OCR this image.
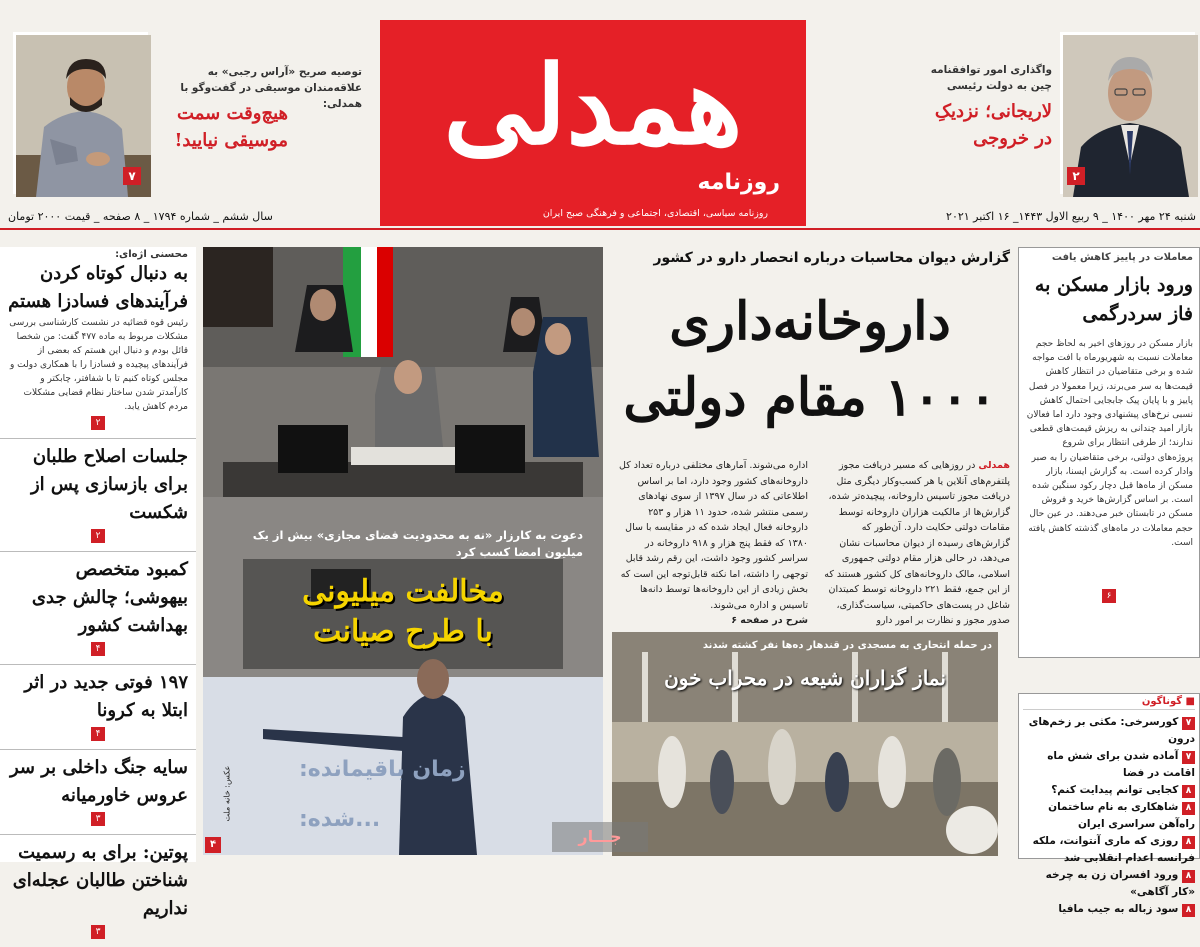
۲
واگذاری امور توافقنامه چین به دولت رئیسی
لاریجانی؛ نزدیکِ در خروجی
همدلی
روزنامه
روزنامه سیاسی، اقتصادی، اجتماعی و فرهنگی صبح ایران
۷
توصیه صریح «آراس رجبی» به علاقه‌مندان موسیقی در گفت‌وگو با همدلی:
هیچ‌وقت سمت موسیقی نیایید!
شنبه ۲۴ مهر ۱۴۰۰ _ ۹ ربیع الاول ۱۴۴۳_ ۱۶ اکتبر ۲۰۲۱
سال ششم _ شماره ۱۷۹۴ _ ۸ صفحه _ قیمت ۲۰۰۰ تومان
محسنی اژه‌ای:
به دنبال کوتاه کردن فرآیندهای فسادزا هستم
رئیس قوه قضائیه در نشست کارشناسی بررسی مشکلات مربوط به ماده ۴۷۷ گفت: من شخصا قائل بودم و دنبال این هستم که بعضی از فرآیندهای پیچیده و فسادزا را با همکاری دولت و مجلس کوتاه کنیم تا با شفافتر، چابکتر و کارآمدتر شدن ساختار نظام قضایی مشکلات مردم کاهش یابد.
۲
جلسات اصلاح طلبان برای بازسازی پس از شکست
۲
کمبود متخصص بیهوشی؛ چالش جدی بهداشت کشور
۴
۱۹۷ فوتی جدید در اثر ابتلا به کرونا
۴
سایه جنگ داخلی بر سر عروس خاورمیانه
۳
پوتین: برای به رسمیت شناختن طالبان عجله‌ای نداریم
۳
زمان باقیمانده:
...شده:
دعوت به کارزار «نه به محدودیت فضای مجازی» بیش از یک میلیون امضا کسب کرد
مخالفت میلیونی
با طرح صیانت
عکس: خانه ملت
۴
گزارش دیوان محاسبات درباره انحصار دارو در کشور
داروخانه‌داری
۱۰۰۰ مقام دولتی
همدلی در روزهایی که مسیر دریافت مجوز پلتفرم‌های آنلاین یا هر کسب‌وکار دیگری مثل دریافت مجوز تاسیس داروخانه، پیچیده‌تر شده، گزارش‌ها از مالکیت هزاران داروخانه توسط مقامات دولتی حکایت دارد. آن‌طور که گزارش‌های رسیده از دیوان محاسبات نشان می‌دهد، در حالی هزار مقام دولتی جمهوری اسلامی، مالک داروخانه‌های کل کشور هستند که از این جمع، فقط ۲۲۱ داروخانه توسط کمیتدان شاغل در پست‌های حاکمیتی، سیاست‌گذاری، صدور مجوز و نظارت بر امور دارو
اداره می‌شوند. آمارهای مختلفی درباره تعداد کل داروخانه‌های کشور وجود دارد، اما بر اساس اطلاعاتی که در سال ۱۳۹۷ از سوی نهادهای رسمی منتشر شده، حدود ۱۱ هزار و ۲۵۳ داروخانه فعال ایجاد شده که در مقایسه با سال ۱۳۸۰ که فقط پنج هزار و ۹۱۸ داروخانه در سراسر کشور وجود داشت، این رقم رشد قابل توجهی را داشته، اما نکته قابل‌توجه این است که بخش زیادی از این داروخانه‌ها توسط دانه‌ها تاسیس و اداره می‌شوند.
شرح در صفحه ۶
در حمله انتحاری به مسجدی در قندهار ده‌ها نفر کشته شدند
نماز گزاران شیعه در محراب خون
جـــار
معاملات در پاییز کاهش یافت
ورود بازار مسکن به فاز سردرگمی
بازار مسکن در روزهای اخیر به لحاظ حجم معاملات نسبت به شهریورماه با افت مواجه شده و برخی متقاضیان در انتظار کاهش قیمت‌ها به سر می‌برند، زیرا معمولا در فصل پاییز و با پایان پیک جابجایی احتمال کاهش نسبی نرخ‌های پیشنهادی وجود دارد اما فعالان بازار امید چندانی به ریزش قیمت‌های قطعی ندارند؛ از طرفی انتظار برای شروع پروژه‌های دولتی، برخی متقاضیان را به صبر وادار کرده است. به گزارش ایسنا، بازار مسکن از ماه‌ها قبل دچار رکود سنگین شده است. بر اساس گزارش‌ها خرید و فروش مسکن در تابستان خبر می‌دهند. در عین حال حجم معاملات در ماه‌های گذشته کاهش یافته است.
۶
■ گوناگون
۷ کورسرخی: مکثی بر زخم‌های درون
۷ آماده شدن برای شش ماه اقامت در فضا
۸ کجایی توانم پیدایت کنم؟
۸ شاهکاری به نام ساختمان راه‌آهن سراسری ایران
۸ روزی که ماری آنتوانت، ملکه فرانسه اعدام انقلابی شد
۸ ورود افسران زن به چرخه «کار آگاهی»
۸ سود زباله به جیب مافیا
